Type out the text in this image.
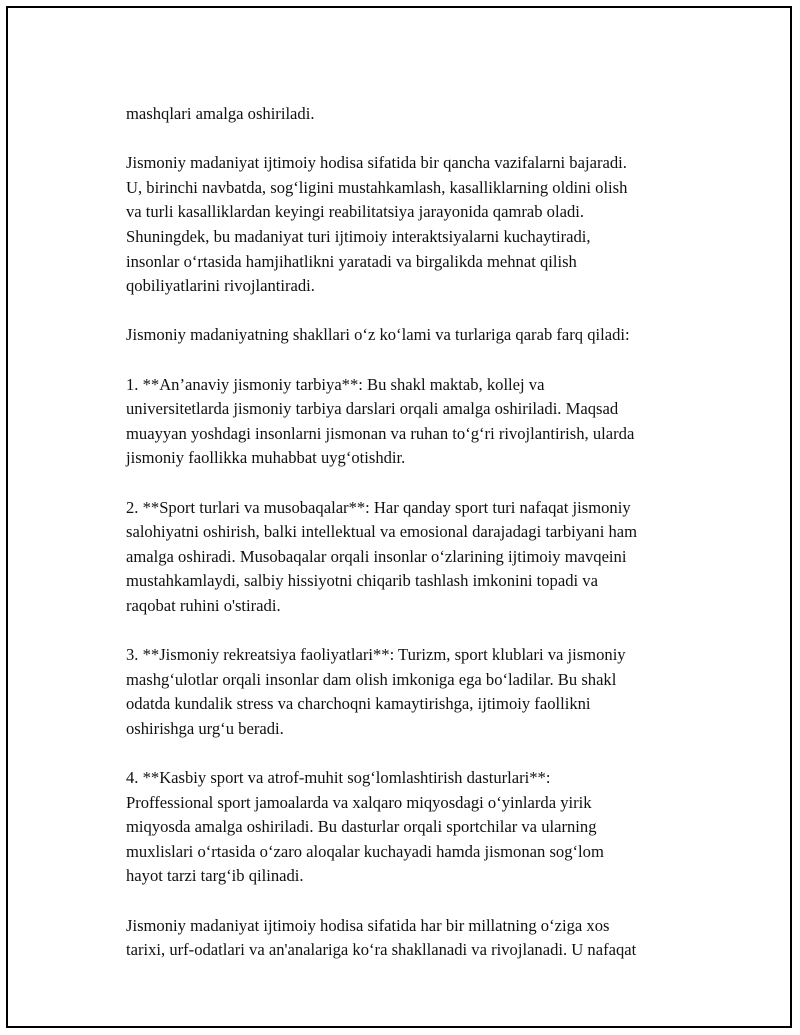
mashqlari amalga oshiriladi.

Jismoniy madaniyat ijtimoiy hodisa sifatida bir qancha vazifalarni bajaradi.
U, birinchi navbatda, sog‘ligini mustahkamlash, kasalliklarning oldini olish
va turli kasalliklardan keyingi reabilitatsiya jarayonida qamrab oladi.
Shuningdek, bu madaniyat turi ijtimoiy interaktsiyalarni kuchaytiradi,
insonlar o‘rtasida hamjihatlikni yaratadi va birgalikda mehnat qilish
qobiliyatlarini rivojlantiradi.

Jismoniy madaniyatning shakllari o‘z ko‘lami va turlariga qarab farq qiladi:

1. **An’anaviy jismoniy tarbiya**: Bu shakl maktab, kollej va
universitetlarda jismoniy tarbiya darslari orqali amalga oshiriladi. Maqsad
muayyan yoshdagi insonlarni jismonan va ruhan to‘g‘ri rivojlantirish, ularda
jismoniy faollikka muhabbat uyg‘otishdir.

2. **Sport turlari va musobaqalar**: Har qanday sport turi nafaqat jismoniy
salohiyatni oshirish, balki intellektual va emosional darajadagi tarbiyani ham
amalga oshiradi. Musobaqalar orqali insonlar o‘zlarining ijtimoiy mavqeini
mustahkamlaydi, salbiy hissiyotni chiqarib tashlash imkonini topadi va
raqobat ruhini o'stiradi.

3. **Jismoniy rekreatsiya faoliyatlari**: Turizm, sport klublari va jismoniy
mashg‘ulotlar orqali insonlar dam olish imkoniga ega bo‘ladilar. Bu shakl
odatda kundalik stress va charchoqni kamaytirishga, ijtimoiy faollikni
oshirishga urg‘u beradi.

4. **Kasbiy sport va atrof-muhit sog‘lomlashtirish dasturlari**:
Proffessional sport jamoalarda va xalqaro miqyosdagi o‘yinlarda yirik
miqyosda amalga oshiriladi. Bu dasturlar orqali sportchilar va ularning
muxlislari o‘rtasida o‘zaro aloqalar kuchayadi hamda jismonan sog‘lom
hayot tarzi targ‘ib qilinadi.

Jismoniy madaniyat ijtimoiy hodisa sifatida har bir millatning o‘ziga xos
tarixi, urf-odatlari va an'analariga ko‘ra shakllanadi va rivojlanadi. U nafaqat
